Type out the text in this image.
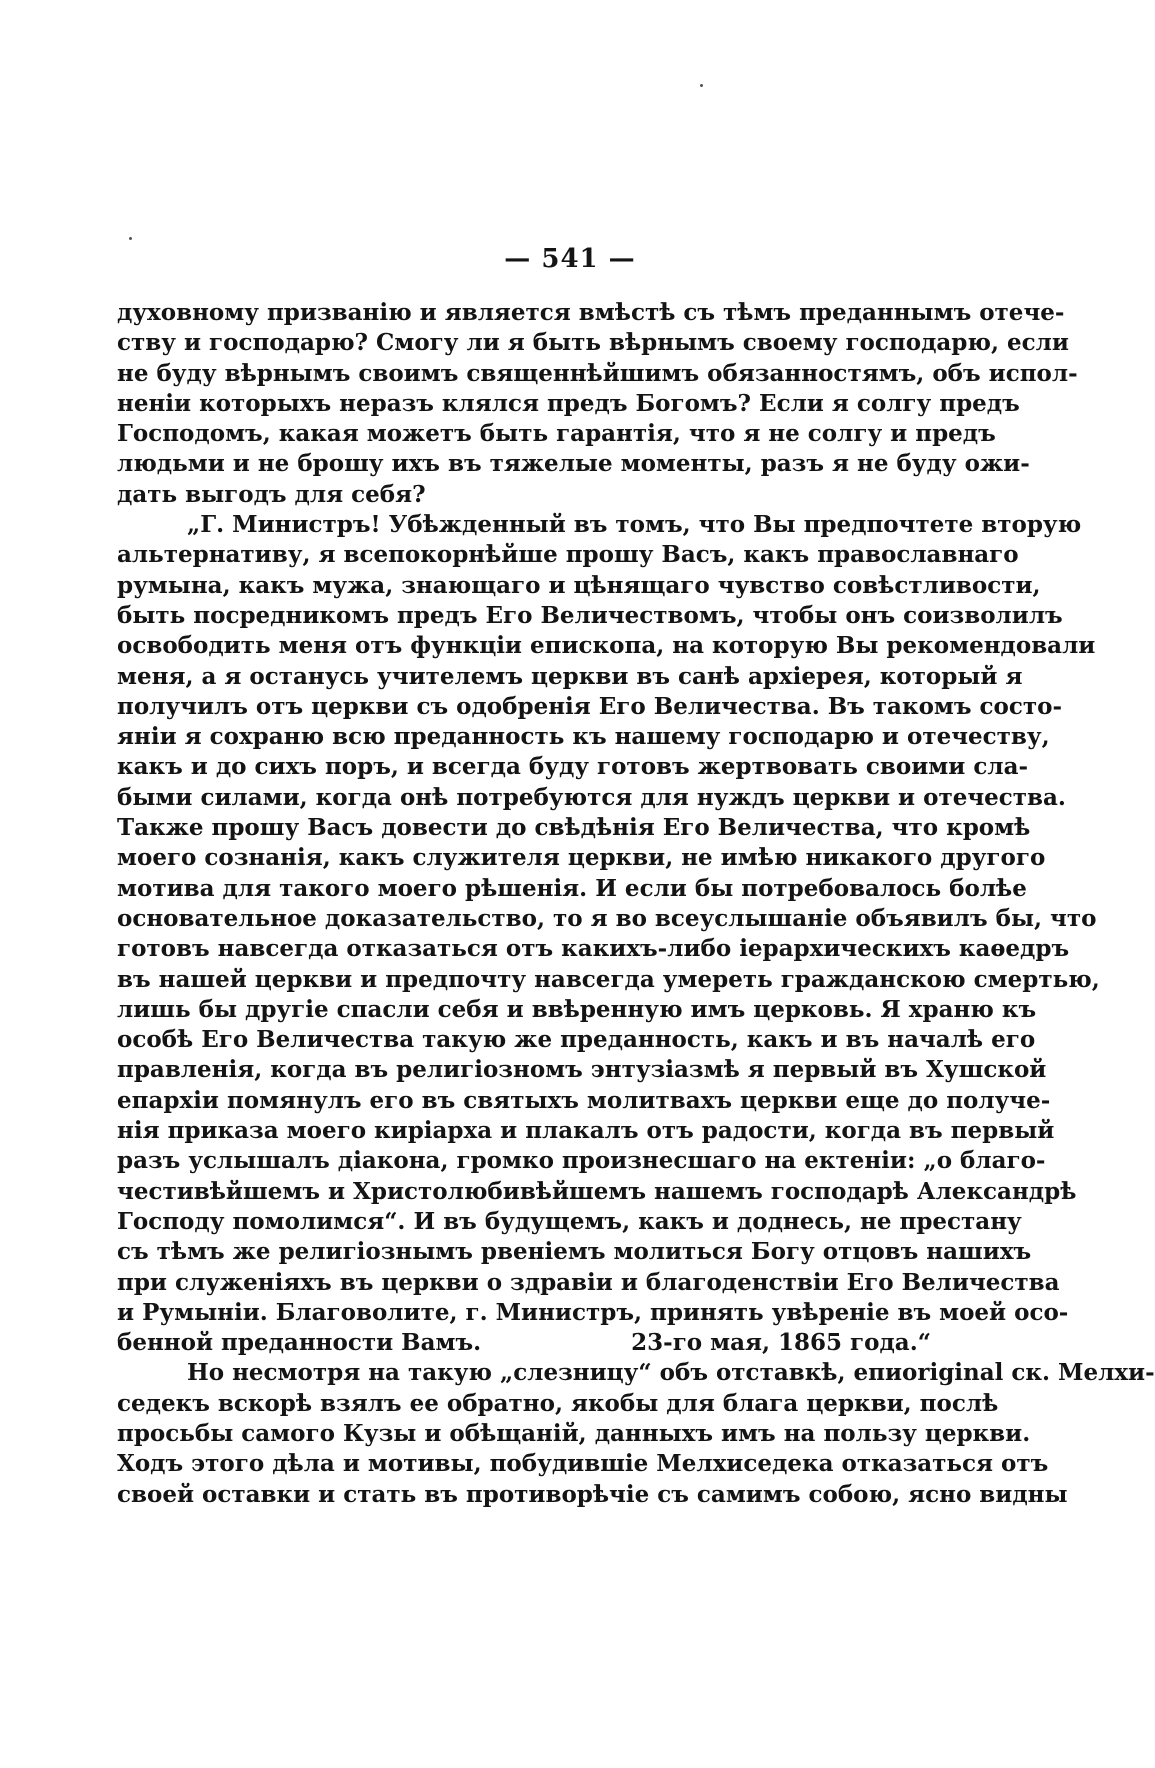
— 541 —
духовному призванію и является вмѣстѣ съ тѣмъ преданнымъ отече-
ству и господарю? Смогу ли я быть вѣрнымъ своему господарю, если
не буду вѣрнымъ своимъ священнѣйшимъ обязанностямъ, объ испол-
неніи которыхъ неразъ клялся предъ Богомъ? Если я солгу предъ
Господомъ, какая можетъ быть гарантія, что я не солгу и предъ
людьми и не брошу ихъ въ тяжелые моменты, разъ я не буду ожи-
дать выгодъ для себя?
„Г. Министръ! Убѣжденный въ томъ, что Вы предпочтете вторую
альтернативу, я всепокорнѣйше прошу Васъ, какъ православнаго
румына, какъ мужа, знающаго и цѣнящаго чувство совѣстливости,
быть посредникомъ предъ Его Величествомъ, чтобы онъ соизволилъ
освободить меня отъ функціи епископа, на которую Вы рекомендовали
меня, а я останусь учителемъ церкви въ санѣ архіерея, который я
получилъ отъ церкви съ одобренія Его Величества. Въ такомъ состо-
яніи я сохраню всю преданность къ нашему господарю и отечеству,
какъ и до сихъ поръ, и всегда буду готовъ жертвовать своими сла-
быми силами, когда онѣ потребуются для нуждъ церкви и отечества.
Также прошу Васъ довести до свѣдѣнія Его Величества, что кромѣ
моего сознанія, какъ служителя церкви, не имѣю никакого другого
мотива для такого моего рѣшенія. И если бы потребовалось болѣе
основательное доказательство, то я во всеуслышаніе объявилъ бы, что
готовъ навсегда отказаться отъ какихъ-либо іерархическихъ каѳедръ
въ нашей церкви и предпочту навсегда умереть гражданскою смертью,
лишь бы другіе спасли себя и ввѣренную имъ церковь. Я храню къ
особѣ Его Величества такую же преданность, какъ и въ началѣ его
правленія, когда въ религіозномъ энтузіазмѣ я первый въ Хушской
епархіи помянулъ его въ святыхъ молитвахъ церкви еще до получе-
нія приказа моего киріарха и плакалъ отъ радости, когда въ первый
разъ услышалъ діакона, громко произнесшаго на ектеніи: „о благо-
честивѣйшемъ и Христолюбивѣйшемъ нашемъ господарѣ Александрѣ
Господу помолимся“. И въ будущемъ, какъ и доднесь, не престану
съ тѣмъ же религіознымъ рвеніемъ молиться Богу отцовъ нашихъ
при служеніяхъ въ церкви о здравіи и благоденствіи Его Величества
и Румыніи. Благоволите, г. Министръ, принять увѣреніе въ моей осо-
бенной преданности Вамъ.	23-го мая, 1865 года.“
Но несмотря на такую „слезницу“ объ отставкѣ, епиoriginal ск. Мелхи-
седекъ вскорѣ взялъ ее обратно, якобы для блага церкви, послѣ
просьбы самого Кузы и обѣщаній, данныхъ имъ на пользу церкви.
Ходъ этого дѣла и мотивы, побудившіе Мелхиседека отказаться отъ
своей оставки и стать въ противорѣчіе съ самимъ собою, ясно видны
